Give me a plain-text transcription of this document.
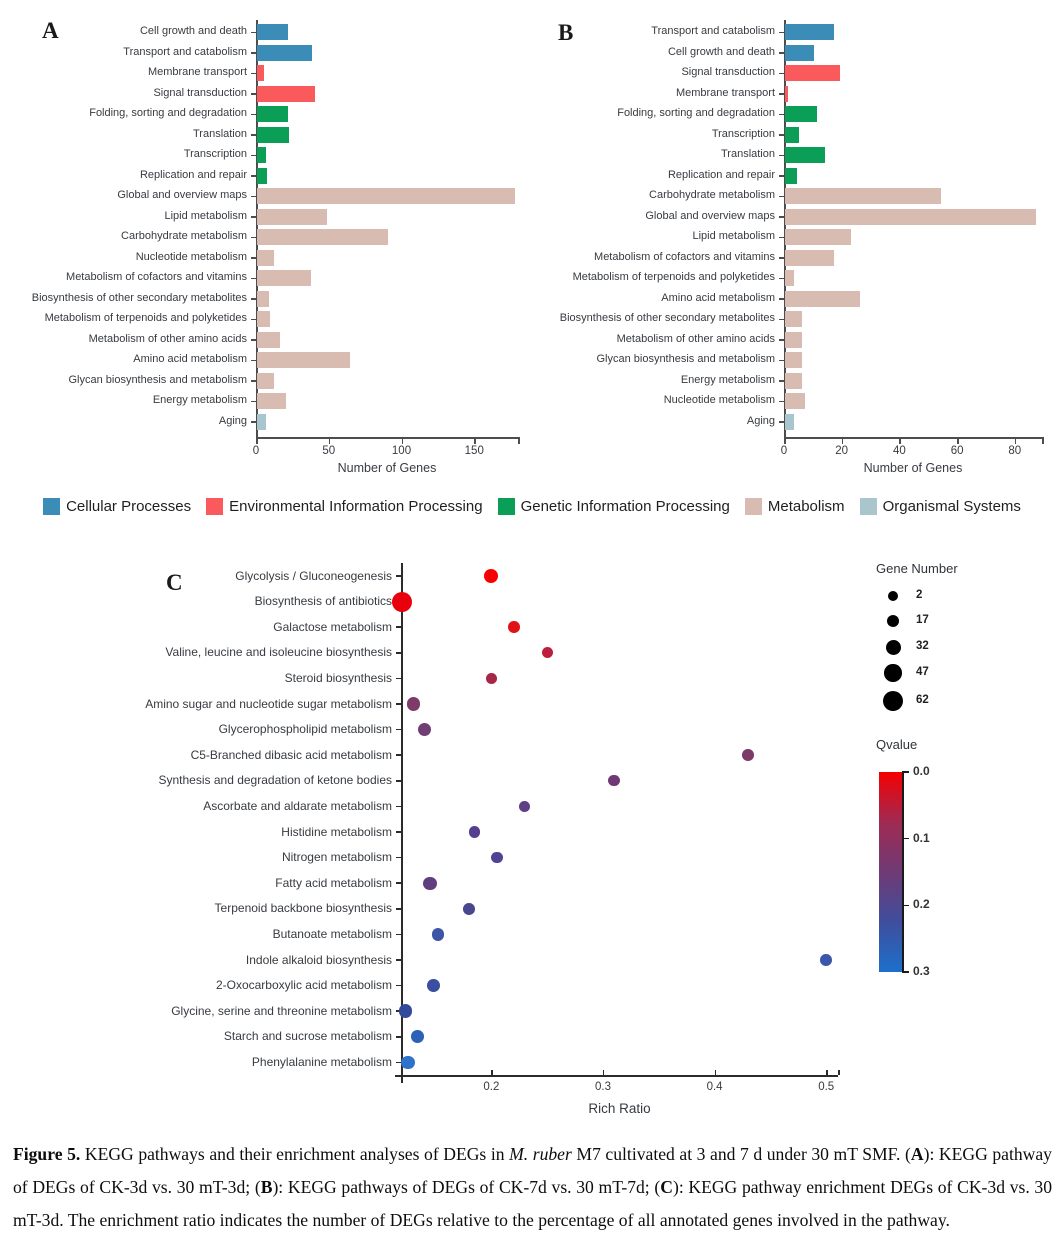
A	Cell growth and death
Transport and catabolism
Membrane transport
Signal transduction
Folding, sorting and degradation
Translation
Transcription
Replication and repair
Global and overview maps
Lipid metabolism
Carbohydrate metabolism
Nucleotide metabolism
Metabolism of cofactors and vitamins
Biosynthesis of other secondary metabolites
Metabolism of terpenoids and polyketides
Metabolism of other amino acids
Amino acid metabolism
Glycan biosynthesis and metabolism
Energy metabolism
Aging
0	50	100	150
Number of Genes
B	Transport and catabolism
Cell growth and death
Signal transduction
Membrane transport
Folding, sorting and degradation
Transcription
Translation
Replication and repair
Carbohydrate metabolism
Global and overview maps
Lipid metabolism
Metabolism of cofactors and vitamins
Metabolism of terpenoids and polyketides
Amino acid metabolism
Biosynthesis of other secondary metabolites
Metabolism of other amino acids
Glycan biosynthesis and metabolism
Energy metabolism
Nucleotide metabolism
Aging
0	20	40	60	80
Number of Genes
Cellular Processes	Environmental Information Processing	Genetic Information Processing	Metabolism	Organismal Systems
C
0.2	0.3	0.4	0.5
Rich Ratio
Glycolysis / Gluconeogenesis
Biosynthesis of antibiotics
Galactose metabolism
Valine, leucine and isoleucine biosynthesis
Steroid biosynthesis
Amino sugar and nucleotide sugar metabolism
Glycerophospholipid metabolism
C5-Branched dibasic acid metabolism
Synthesis and degradation of ketone bodies
Ascorbate and aldarate metabolism
Histidine metabolism
Nitrogen metabolism
Fatty acid metabolism
Terpenoid backbone biosynthesis
Butanoate metabolism
Indole alkaloid biosynthesis
2-Oxocarboxylic acid metabolism
Glycine, serine and threonine metabolism
Starch and sucrose metabolism
Phenylalanine metabolism
Gene Number
2
17
32
47
62
Qvalue
0.0
0.1
0.2
0.3
Figure 5. KEGG pathways and their enrichment analyses of DEGs in M. ruber M7 cultivated at 3 and 7 d under 30 mT SMF. (A): KEGG pathway of DEGs of CK-3d vs. 30 mT-3d; (B): KEGG pathways of DEGs of CK-7d vs. 30 mT-7d; (C): KEGG pathway enrichment DEGs of CK-3d vs. 30 mT-3d. The enrichment ratio indicates the number of DEGs relative to the percentage of all annotated genes involved in the pathway.
